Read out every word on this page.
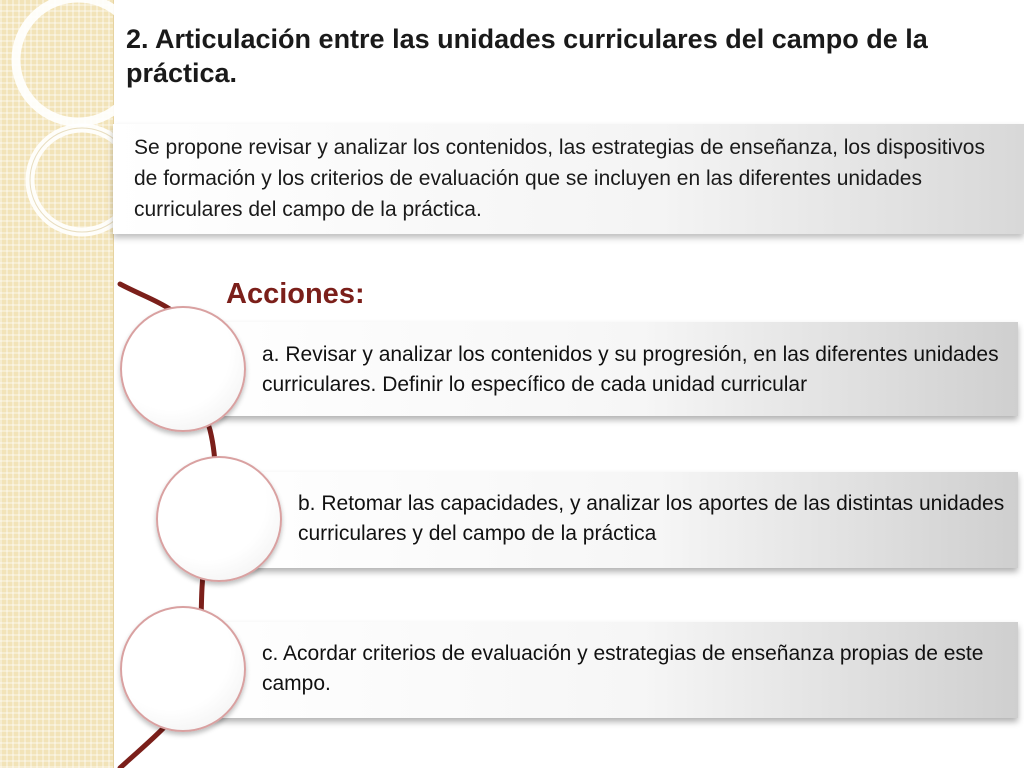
2. Articulación entre las unidades curriculares del campo de la práctica.

Se propone revisar y analizar los contenidos, las estrategias de enseñanza, los dispositivos de formación y los criterios de evaluación que se incluyen en las diferentes unidades curriculares del campo de la práctica.

Acciones:

a. Revisar y analizar los contenidos y su progresión, en las diferentes unidades curriculares. Definir lo específico de cada unidad curricular

b. Retomar las capacidades, y analizar los aportes de las distintas unidades curriculares y del campo de la práctica

c. Acordar criterios de evaluación y estrategias de enseñanza propias de este campo.
